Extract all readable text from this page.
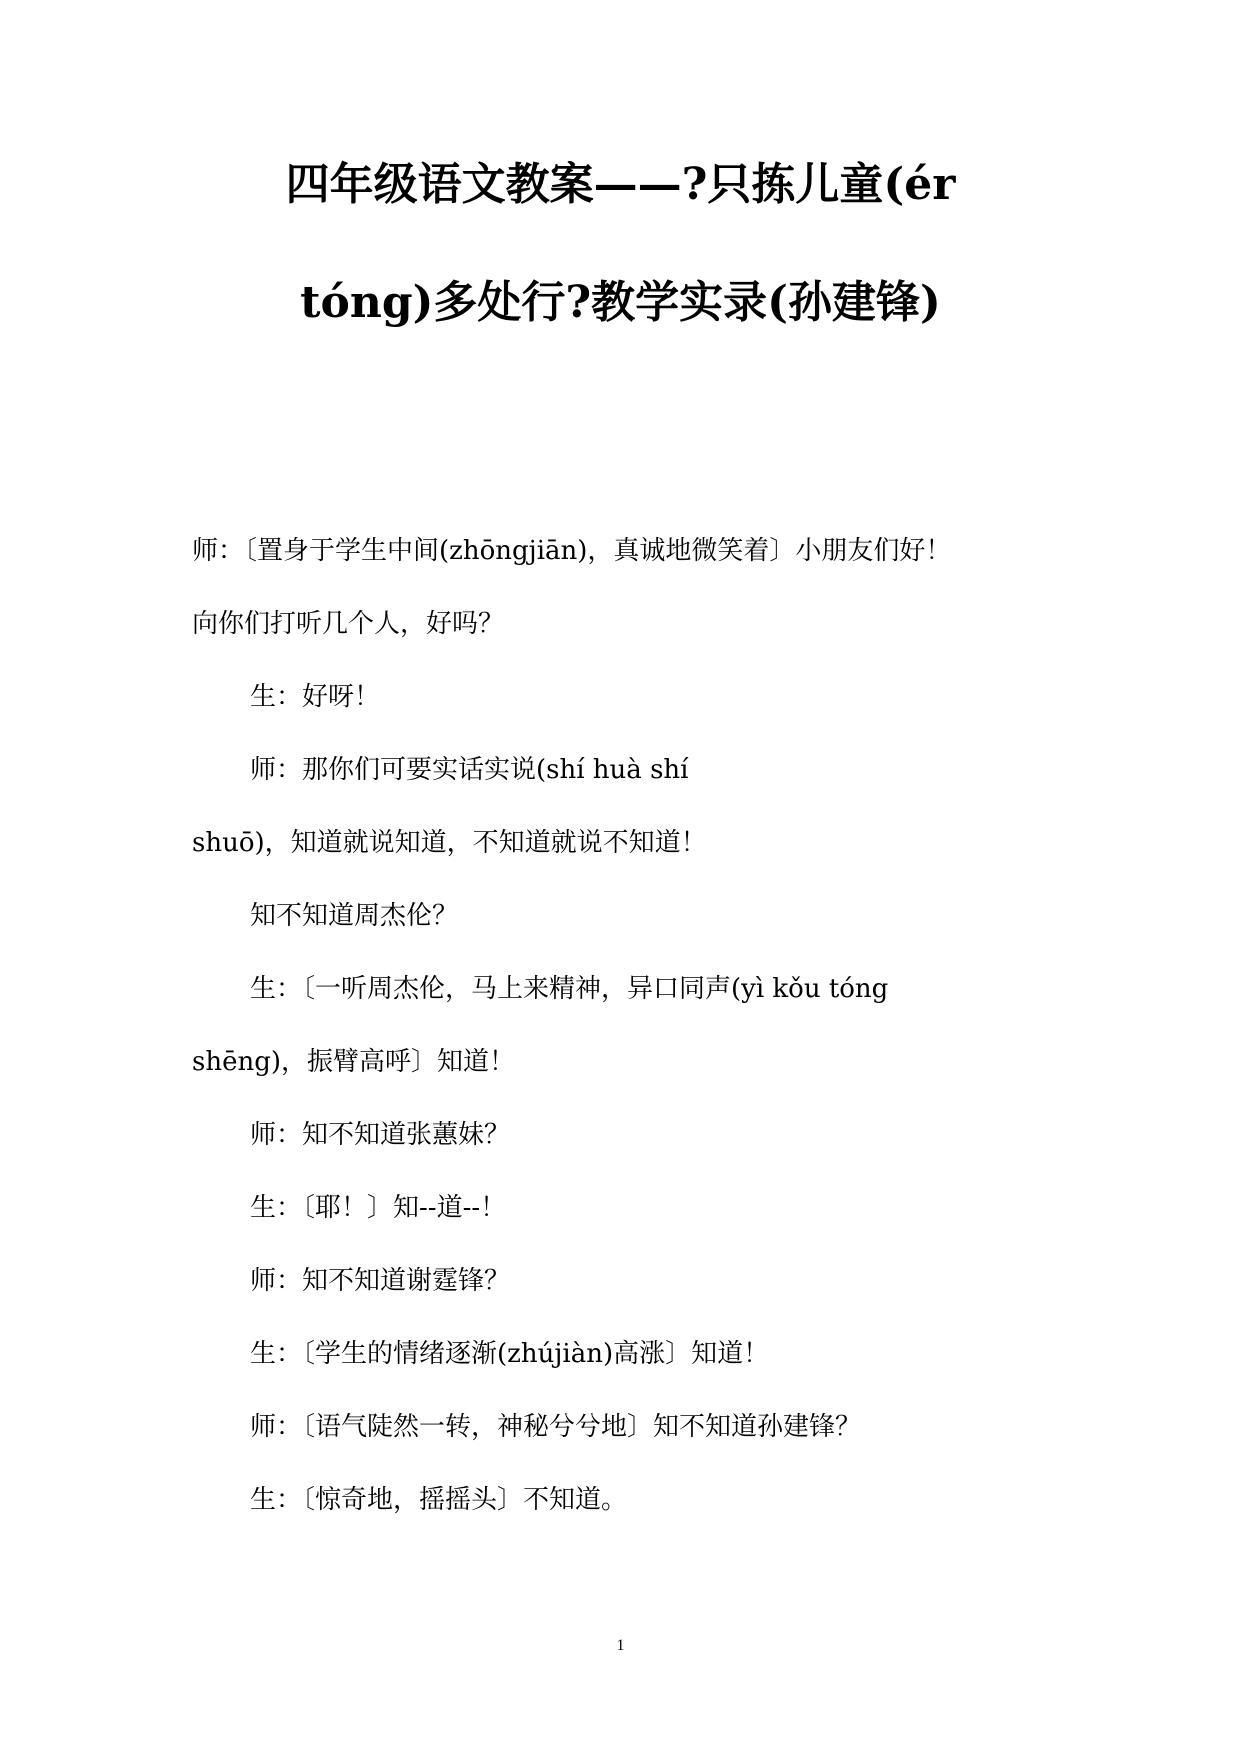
四年级语文教案——?只拣儿童(ér
tóng)多处行?教学实录(孙建锋)
师：〔置身于学生中间(zhōngjiān)，真诚地微笑着〕小朋友们好！
向你们打听几个人，好吗？
生：好呀！
师：那你们可要实话实说(shí huà shí
shuō)，知道就说知道，不知道就说不知道！
知不知道周杰伦？
生：〔一听周杰伦，马上来精神，异口同声(yì kǒu tóng
shēng)，振臂高呼〕知道！
师：知不知道张蕙妹？
生：〔耶！〕知--道--！
师：知不知道谢霆锋？
生：〔学生的情绪逐渐(zhújiàn)高涨〕知道！
师：〔语气陡然一转，神秘兮兮地〕知不知道孙建锋？
生：〔惊奇地，摇摇头〕不知道。
1
